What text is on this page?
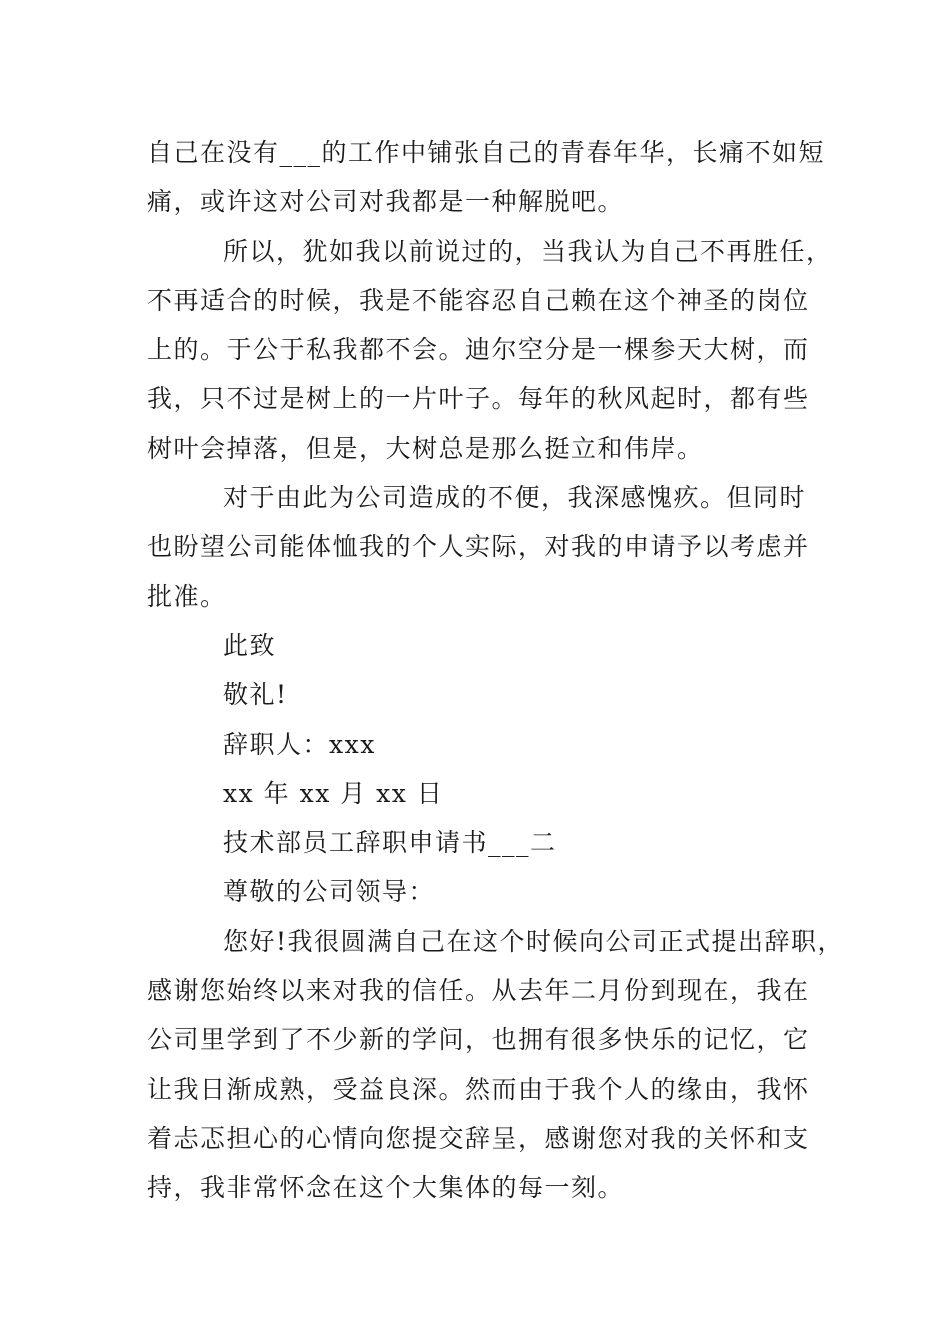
自己在没有___的工作中铺张自己的青春年华，长痛不如短
痛，或许这对公司对我都是一种解脱吧。
所以，犹如我以前说过的，当我认为自己不再胜任，
不再适合的时候，我是不能容忍自己赖在这个神圣的岗位
上的。于公于私我都不会。迪尔空分是一棵参天大树，而
我，只不过是树上的一片叶子。每年的秋风起时，都有些
树叶会掉落，但是，大树总是那么挺立和伟岸。
对于由此为公司造成的不便，我深感愧疚。但同时
也盼望公司能体恤我的个人实际，对我的申请予以考虑并
批准。
此致
敬礼!
辞职人：xxx
xx 年 xx 月 xx 日
技术部员工辞职申请书___二
尊敬的公司领导：
您好!我很圆满自己在这个时候向公司正式提出辞职，
感谢您始终以来对我的信任。从去年二月份到现在，我在
公司里学到了不少新的学问，也拥有很多快乐的记忆，它
让我日渐成熟，受益良深。然而由于我个人的缘由，我怀
着忐忑担心的心情向您提交辞呈，感谢您对我的关怀和支
持，我非常怀念在这个大集体的每一刻。
